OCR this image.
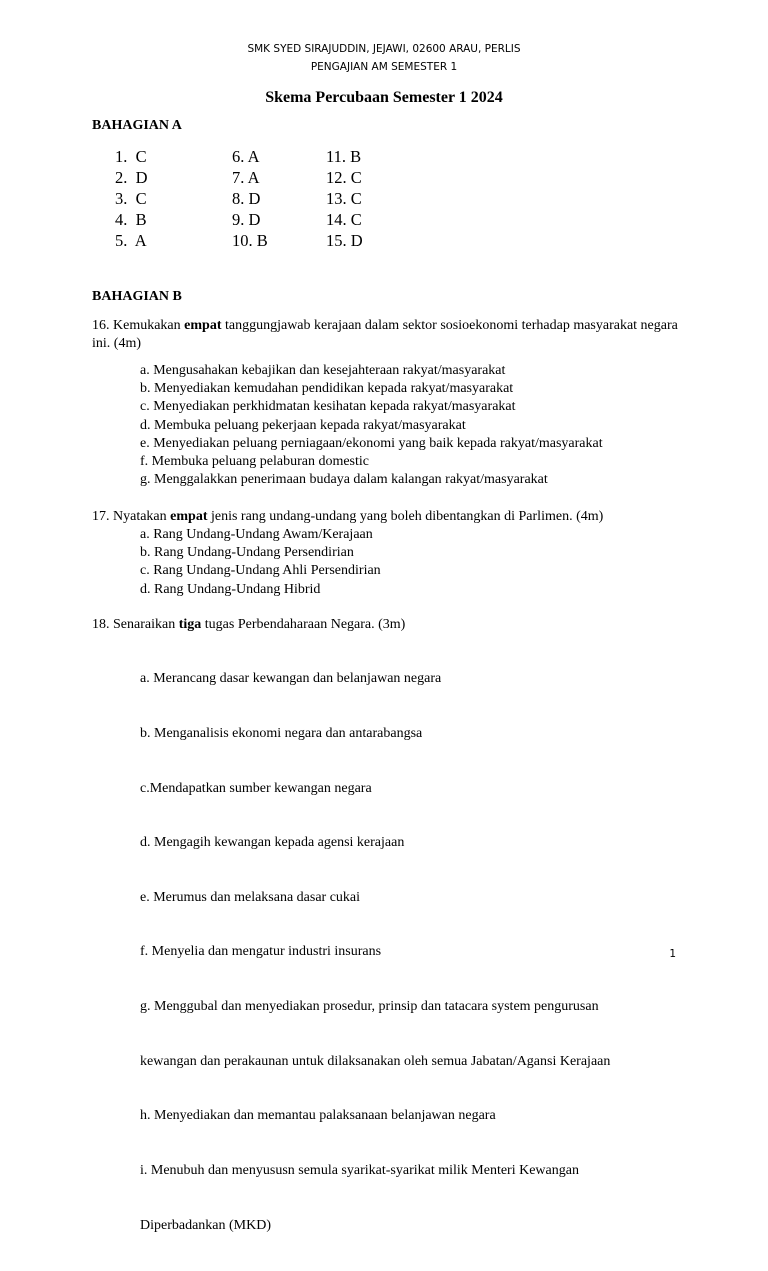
SMK SYED SIRAJUDDIN, JEJAWI, 02600 ARAU, PERLIS
PENGAJIAN AM SEMESTER 1
Skema Percubaan Semester 1 2024
BAHAGIAN A
1. C
2. D
3. C
4. B
5. A
6. A
7. A
8. D
9. D
10. B
11. B
12. C
13. C
14. C
15. D
BAHAGIAN B
16. Kemukakan empat tanggungjawab kerajaan dalam sektor sosioekonomi terhadap masyarakat negara ini. (4m)
a. Mengusahakan kebajikan dan kesejahteraan rakyat/masyarakat
b. Menyediakan kemudahan pendidikan kepada rakyat/masyarakat
c. Menyediakan perkhidmatan kesihatan kepada rakyat/masyarakat
d. Membuka peluang pekerjaan kepada rakyat/masyarakat
e. Menyediakan peluang perniagaan/ekonomi yang baik kepada rakyat/masyarakat
f. Membuka peluang pelaburan domestic
g. Menggalakkan penerimaan budaya dalam kalangan rakyat/masyarakat
17. Nyatakan empat jenis rang undang-undang yang boleh dibentangkan di Parlimen. (4m)
a. Rang Undang-Undang Awam/Kerajaan
b. Rang Undang-Undang Persendirian
c. Rang Undang-Undang Ahli Persendirian
d. Rang Undang-Undang Hibrid
18. Senaraikan tiga tugas Perbendaharaan Negara. (3m)

a. Merancang dasar kewangan dan belanjawan negara

b. Menganalisis ekonomi negara dan antarabangsa

c.Mendapatkan sumber kewangan negara

d. Mengagih kewangan kepada agensi kerajaan

e. Merumus dan melaksana dasar cukai

f. Menyelia dan mengatur industri insurans

g. Menggubal dan menyediakan prosedur, prinsip dan tatacara system pengurusan

kewangan dan perakaunan untuk dilaksanakan oleh semua Jabatan/Agansi Kerajaan

h. Menyediakan dan memantau palaksanaan belanjawan negara

i. Menubuh dan menyususn semula syarikat-syarikat milik Menteri Kewangan

Diperbadankan (MKD)

1
